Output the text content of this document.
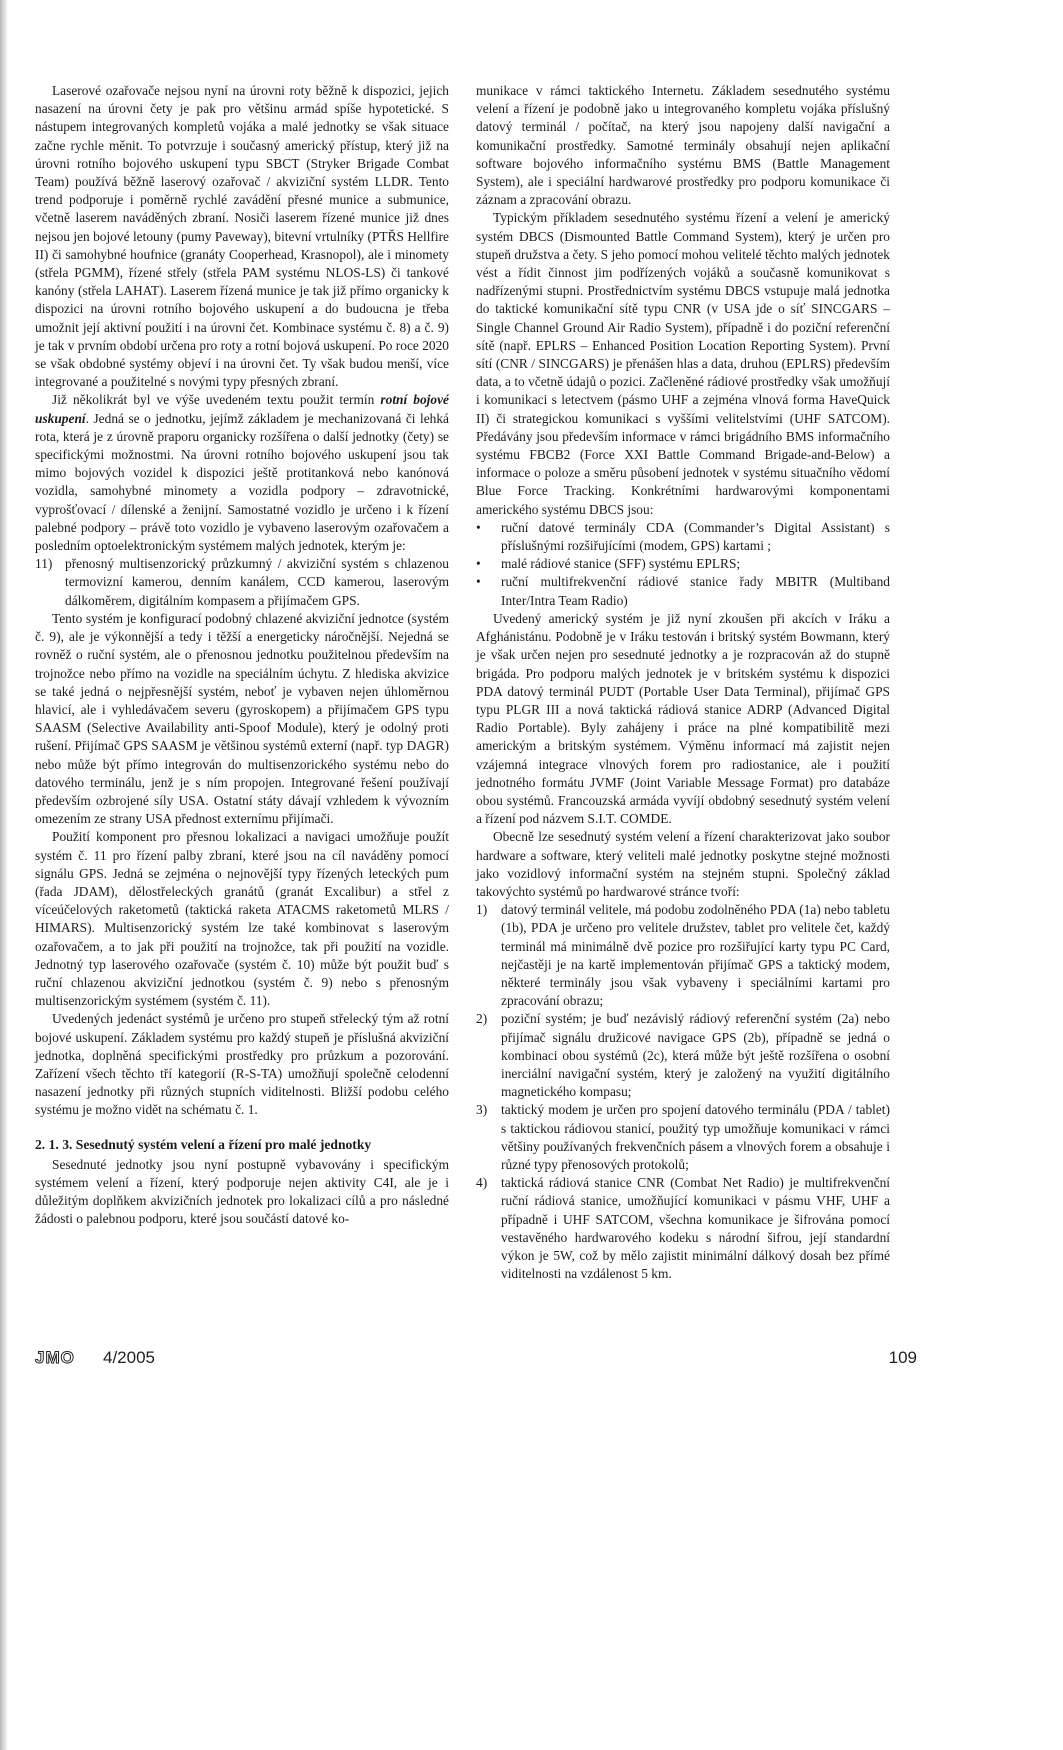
Laserové ozařovače nejsou nyní na úrovni roty běžně k dispozici, jejich nasazení na úrovni čety je pak pro většinu armád spíše hypotetické. S nástupem integrovaných kompletů vojáka a malé jednotky se však situace začne rychle měnit. To potvrzuje i současný americký přístup, který již na úrovni rotního bojového uskupení typu SBCT (Stryker Brigade Combat Team) používá běžně laserový ozařovač / akviziční systém LLDR. Tento trend podporuje i poměrně rychlé zavádění přesné munice a submunice, včetně laserem naváděných zbraní. Nosiči laserem řízené munice již dnes nejsou jen bojové letouny (pumy Paveway), bitevní vrtulníky (PTŘS Hellfire II) či samohybné houfnice (granáty Cooperhead, Krasnopol), ale i minomety (střela PGMM), řízené střely (střela PAM systému NLOS-LS) či tankové kanóny (střela LAHAT). Laserem řízená munice je tak již přímo organicky k dispozici na úrovni rotního bojového uskupení a do budoucna je třeba umožnit její aktivní použití i na úrovni čet. Kombinace systému č. 8) a č. 9) je tak v prvním období určena pro roty a rotní bojová uskupení. Po roce 2020 se však obdobné systémy objeví i na úrovni čet. Ty však budou menší, více integrované a použitelné s novými typy přesných zbraní.

Již několikrát byl ve výše uvedeném textu použit termín rotní bojové uskupení. Jedná se o jednotku, jejímž základem je mechanizovaná či lehká rota, která je z úrovně praporu organicky rozšířena o další jednotky (čety) se specifickými možnostmi. Na úrovni rotního bojového uskupení jsou tak mimo bojových vozidel k dispozici ještě protitanková nebo kanónová vozidla, samohybné minomety a vozidla podpory – zdravotnické, vyprošťovací / dílenské a ženijní. Samostatné vozidlo je určeno i k řízení palebné podpory – právě toto vozidlo je vybaveno laserovým ozařovačem a posledním optoelektronickým systémem malých jednotek, kterým je:

11) přenosný multisenzorický průzkumný / akviziční systém s chlazenou termovizní kamerou, denním kanálem, CCD kamerou, laserovým dálkoměrem, digitálním kompasem a přijímačem GPS.

Tento systém je konfigurací podobný chlazené akviziční jednotce (systém č. 9), ale je výkonnější a tedy i těžší a energeticky náročnější. Nejedná se rovněž o ruční systém, ale o přenosnou jednotku použitelnou především na trojnožce nebo přímo na vozidle na speciálním úchytu. Z hlediska akvizice se také jedná o nejpřesnější systém, neboť je vybaven nejen úhloměrnou hlavicí, ale i vyhledávačem severu (gyroskopem) a přijímačem GPS typu SAASM (Selective Availability anti-Spoof Module), který je odolný proti rušení. Přijímač GPS SAASM je většinou systémů externí (např. typ DAGR) nebo může být přímo integrován do multisenzorického systému nebo do datového terminálu, jenž je s ním propojen. Integrované řešení používají především ozbrojené síly USA. Ostatní státy dávají vzhledem k vývozním omezením ze strany USA přednost externímu přijímači.

Použití komponent pro přesnou lokalizaci a navigaci umožňuje použít systém č. 11 pro řízení palby zbraní, které jsou na cíl naváděny pomocí signálu GPS. Jedná se zejména o nejnovější typy řízených leteckých pum (řada JDAM), dělostřeleckých granátů (granát Excalibur) a střel z víceúčelových raketometů (taktická raketa ATACMS raketometů MLRS / HIMARS). Multisenzorický systém lze také kombinovat s laserovým ozařovačem, a to jak při použití na trojnožce, tak při použití na vozidle. Jednotný typ laserového ozařovače (systém č. 10) může být použit buď s ruční chlazenou akviziční jednotkou (systém č. 9) nebo s přenosným multisenzorickým systémem (systém č. 11).

Uvedených jedenáct systémů je určeno pro stupeň střelecký tým až rotní bojové uskupení. Základem systému pro každý stupeň je příslušná akviziční jednotka, doplněná specifickými prostředky pro průzkum a pozorování. Zařízení všech těchto tří kategorií (R-S-TA) umožňují společně celodenní nasazení jednotky při různých stupních viditelnosti. Bližší podobu celého systému je možno vidět na schématu č. 1.

2. 1. 3. Sesednutý systém velení a řízení pro malé jednotky

Sesednuté jednotky jsou nyní postupně vybavovány i specifickým systémem velení a řízení, který podporuje nejen aktivity C4I, ale je i důležitým doplňkem akvizičních jednotek pro lokalizaci cílů a pro následné žádosti o palebnou podporu, které jsou součástí datové ko-

munikace v rámci taktického Internetu. Základem sesednutého systému velení a řízení je podobně jako u integrovaného kompletu vojáka příslušný datový terminál / počítač, na který jsou napojeny další navigační a komunikační prostředky. Samotné terminály obsahují nejen aplikační software bojového informačního systému BMS (Battle Management System), ale i speciální hardwarové prostředky pro podporu komunikace či záznam a zpracování obrazu.

Typickým příkladem sesednutého systému řízení a velení je americký systém DBCS (Dismounted Battle Command System), který je určen pro stupeň družstva a čety. S jeho pomocí mohou velitelé těchto malých jednotek vést a řídit činnost jim podřízených vojáků a současně komunikovat s nadřízenými stupni. Prostřednictvím systému DBCS vstupuje malá jednotka do taktické komunikační sítě typu CNR (v USA jde o síť SINCGARS – Single Channel Ground Air Radio System), případně i do poziční referenční sítě (např. EPLRS – Enhanced Position Location Reporting System). První sítí (CNR / SINCGARS) je přenášen hlas a data, druhou (EPLRS) především data, a to včetně údajů o pozici. Začleněné rádiové prostředky však umožňují i komunikaci s letectvem (pásmo UHF a zejména vlnová forma HaveQuick II) či strategickou komunikaci s vyššími velitelstvími (UHF SATCOM). Předávány jsou především informace v rámci brigádního BMS informačního systému FBCB2 (Force XXI Battle Command Brigade-and-Below) a informace o poloze a směru působení jednotek v systému situačního vědomí Blue Force Tracking. Konkrétními hardwarovými komponentami amerického systému DBCS jsou:

• ruční datové terminály CDA (Commander’s Digital Assistant) s příslušnými rozšiřujícími (modem, GPS) kartami ;
• malé rádiové stanice (SFF) systému EPLRS;
• ruční multifrekvenční rádiové stanice řady MBITR (Multiband Inter/Intra Team Radio)

Uvedený americký systém je již nyní zkoušen při akcích v Iráku a Afghánistánu. Podobně je v Iráku testován i britský systém Bowmann, který je však určen nejen pro sesednuté jednotky a je rozpracován až do stupně brigáda. Pro podporu malých jednotek je v britském systému k dispozici PDA datový terminál PUDT (Portable User Data Terminal), přijímač GPS typu PLGR III a nová taktická rádiová stanice ADRP (Advanced Digital Radio Portable). Byly zahájeny i práce na plné kompatibilitě mezi americkým a britským systémem. Výměnu informací má zajistit nejen vzájemná integrace vlnových forem pro radiostanice, ale i použití jednotného formátu JVMF (Joint Variable Message Format) pro databáze obou systémů. Francouzská armáda vyvíjí obdobný sesednutý systém velení a řízení pod názvem S.I.T. COMDE.

Obecně lze sesednutý systém velení a řízení charakterizovat jako soubor hardware a software, který veliteli malé jednotky poskytne stejné možnosti jako vozidlový informační systém na stejném stupni. Společný základ takovýchto systémů po hardwarové stránce tvoří:

1) datový terminál velitele, má podobu zodolněného PDA (1a) nebo tabletu (1b), PDA je určeno pro velitele družstev, tablet pro velitele čet, každý terminál má minimálně dvě pozice pro rozšiřující karty typu PC Card, nejčastěji je na kartě implementován přijímač GPS a taktický modem, některé terminály jsou však vybaveny i speciálními kartami pro zpracování obrazu;
2) poziční systém; je buď nezávislý rádiový referenční systém (2a) nebo přijímač signálu družicové navigace GPS (2b), případně se jedná o kombinaci obou systémů (2c), která může být ještě rozšířena o osobní inerciální navigační systém, který je založený na využití digitálního magnetického kompasu;
3) taktický modem je určen pro spojení datového terminálu (PDA / tablet) s taktickou rádiovou stanicí, použitý typ umožňuje komunikaci v rámci většiny používaných frekvenčních pásem a vlnových forem a obsahuje i různé typy přenosových protokolů;
4) taktická rádiová stanice CNR (Combat Net Radio) je multifrekvenční ruční rádiová stanice, umožňující komunikaci v pásmu VHF, UHF a případně i UHF SATCOM, všechna komunikace je šifrována pomocí vestavěného hardwarového kodeku s národní šifrou, její standardní výkon je 5W, což by mělo zajistit minimální dálkový dosah bez přímé viditelnosti na vzdálenost 5 km.
JMO 4/2005	109
